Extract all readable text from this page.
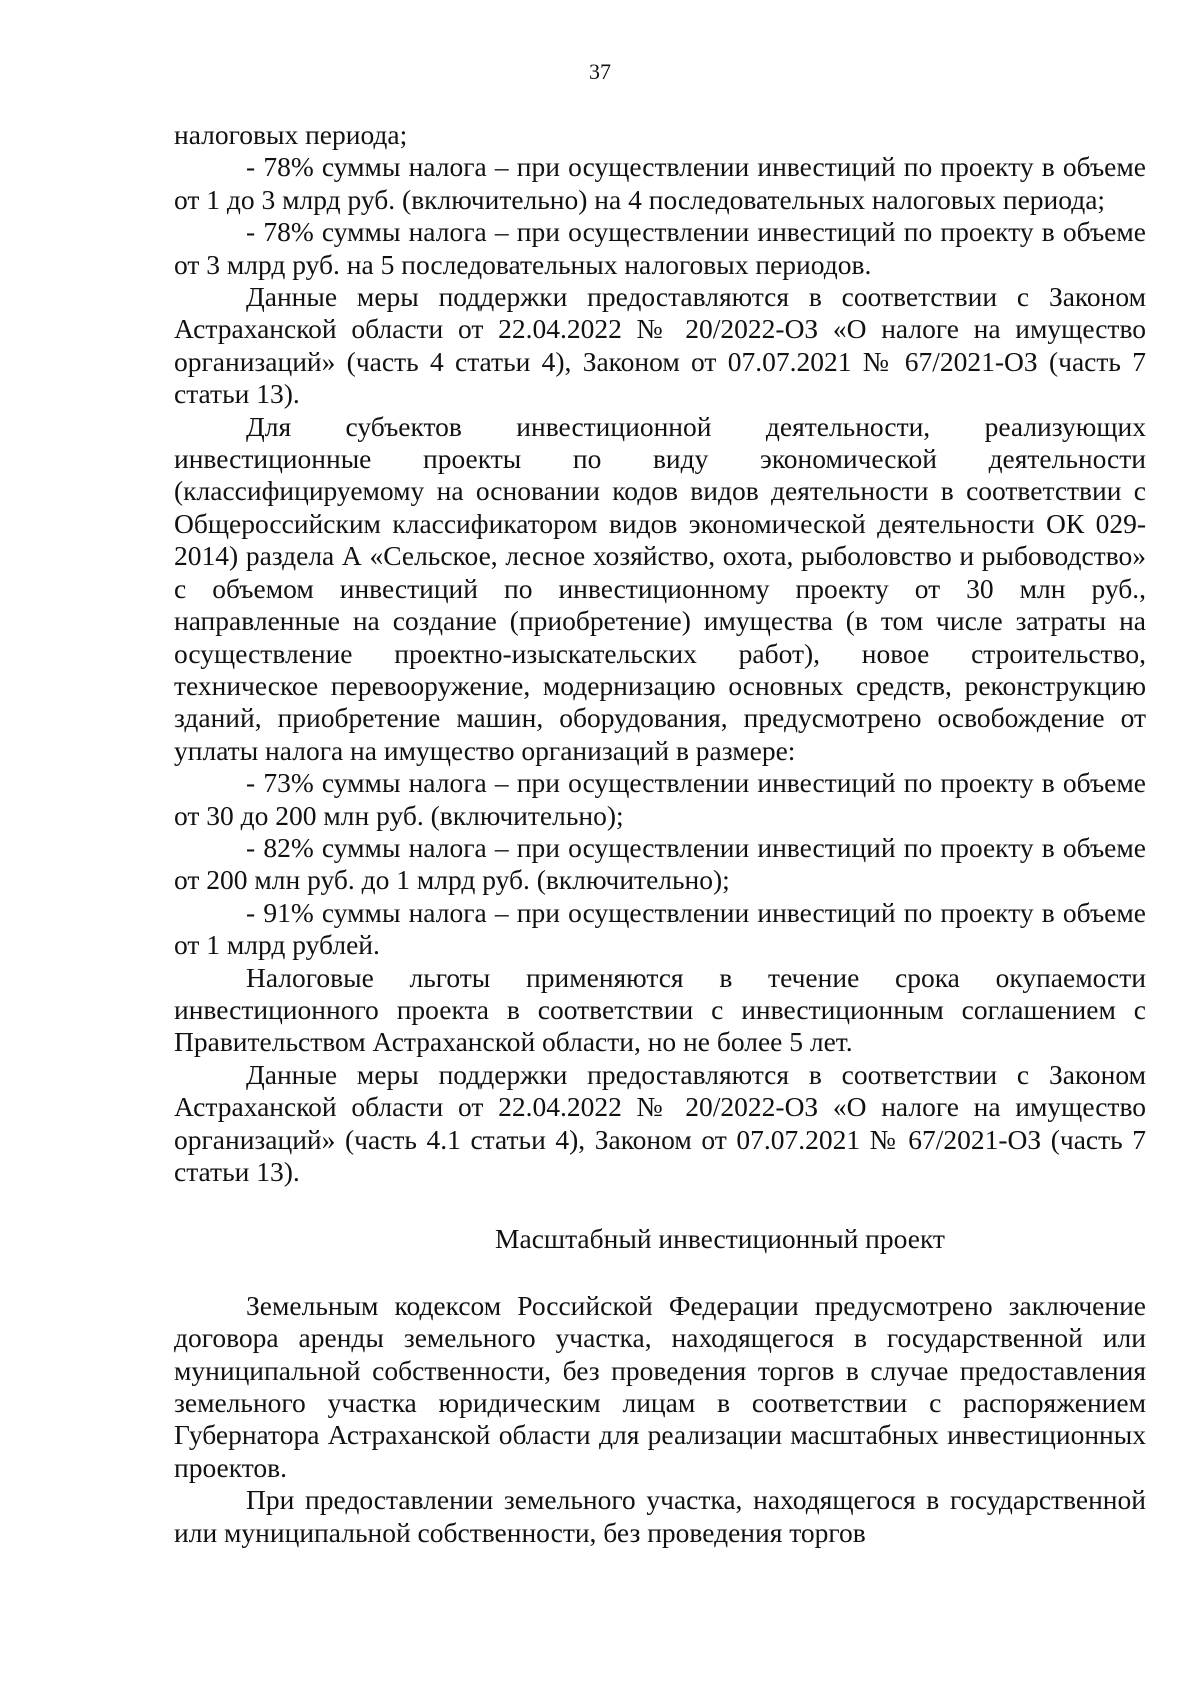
37

налоговых периода;

- 78% суммы налога – при осуществлении инвестиций по проекту в объеме от 1 до 3 млрд руб. (включительно) на 4 последовательных налоговых периода;

- 78% суммы налога – при осуществлении инвестиций по проекту в объеме от 3 млрд руб. на 5 последовательных налоговых периодов.

Данные меры поддержки предоставляются в соответствии с Законом Астраханской области от 22.04.2022 № 20/2022-ОЗ «О налоге на имущество организаций» (часть 4 статьи 4), Законом от 07.07.2021 № 67/2021-ОЗ (часть 7 статьи 13).

Для субъектов инвестиционной деятельности, реализующих инвестиционные проекты по виду экономической деятельности (классифицируемому на основании кодов видов деятельности в соответствии с Общероссийским классификатором видов экономической деятельности ОК 029-2014) раздела А «Сельское, лесное хозяйство, охота, рыболовство и рыбоводство» с объемом инвестиций по инвестиционному проекту от 30 млн руб., направленные на создание (приобретение) имущества (в том числе затраты на осуществление проектно-изыскательских работ), новое строительство, техническое перевооружение, модернизацию основных средств, реконструкцию зданий, приобретение машин, оборудования, предусмотрено освобождение от уплаты налога на имущество организаций в размере:

- 73% суммы налога – при осуществлении инвестиций по проекту в объеме от 30 до 200 млн руб. (включительно);

- 82% суммы налога – при осуществлении инвестиций по проекту в объеме от 200 млн руб. до 1 млрд руб. (включительно);

- 91% суммы налога – при осуществлении инвестиций по проекту в объеме от 1 млрд рублей.

Налоговые льготы применяются в течение срока окупаемости инвестиционного проекта в соответствии с инвестиционным соглашением с Правительством Астраханской области, но не более 5 лет.

Данные меры поддержки предоставляются в соответствии с Законом Астраханской области от 22.04.2022 № 20/2022-ОЗ «О налоге на имущество организаций» (часть 4.1 статьи 4), Законом от 07.07.2021 № 67/2021-ОЗ (часть 7 статьи 13).

Масштабный инвестиционный проект

Земельным кодексом Российской Федерации предусмотрено заключение договора аренды земельного участка, находящегося в государственной или муниципальной собственности, без проведения торгов в случае предоставления земельного участка юридическим лицам в соответствии с распоряжением Губернатора Астраханской области для реализации масштабных инвестиционных проектов.

При предоставлении земельного участка, находящегося в государственной или муниципальной собственности, без проведения торгов
